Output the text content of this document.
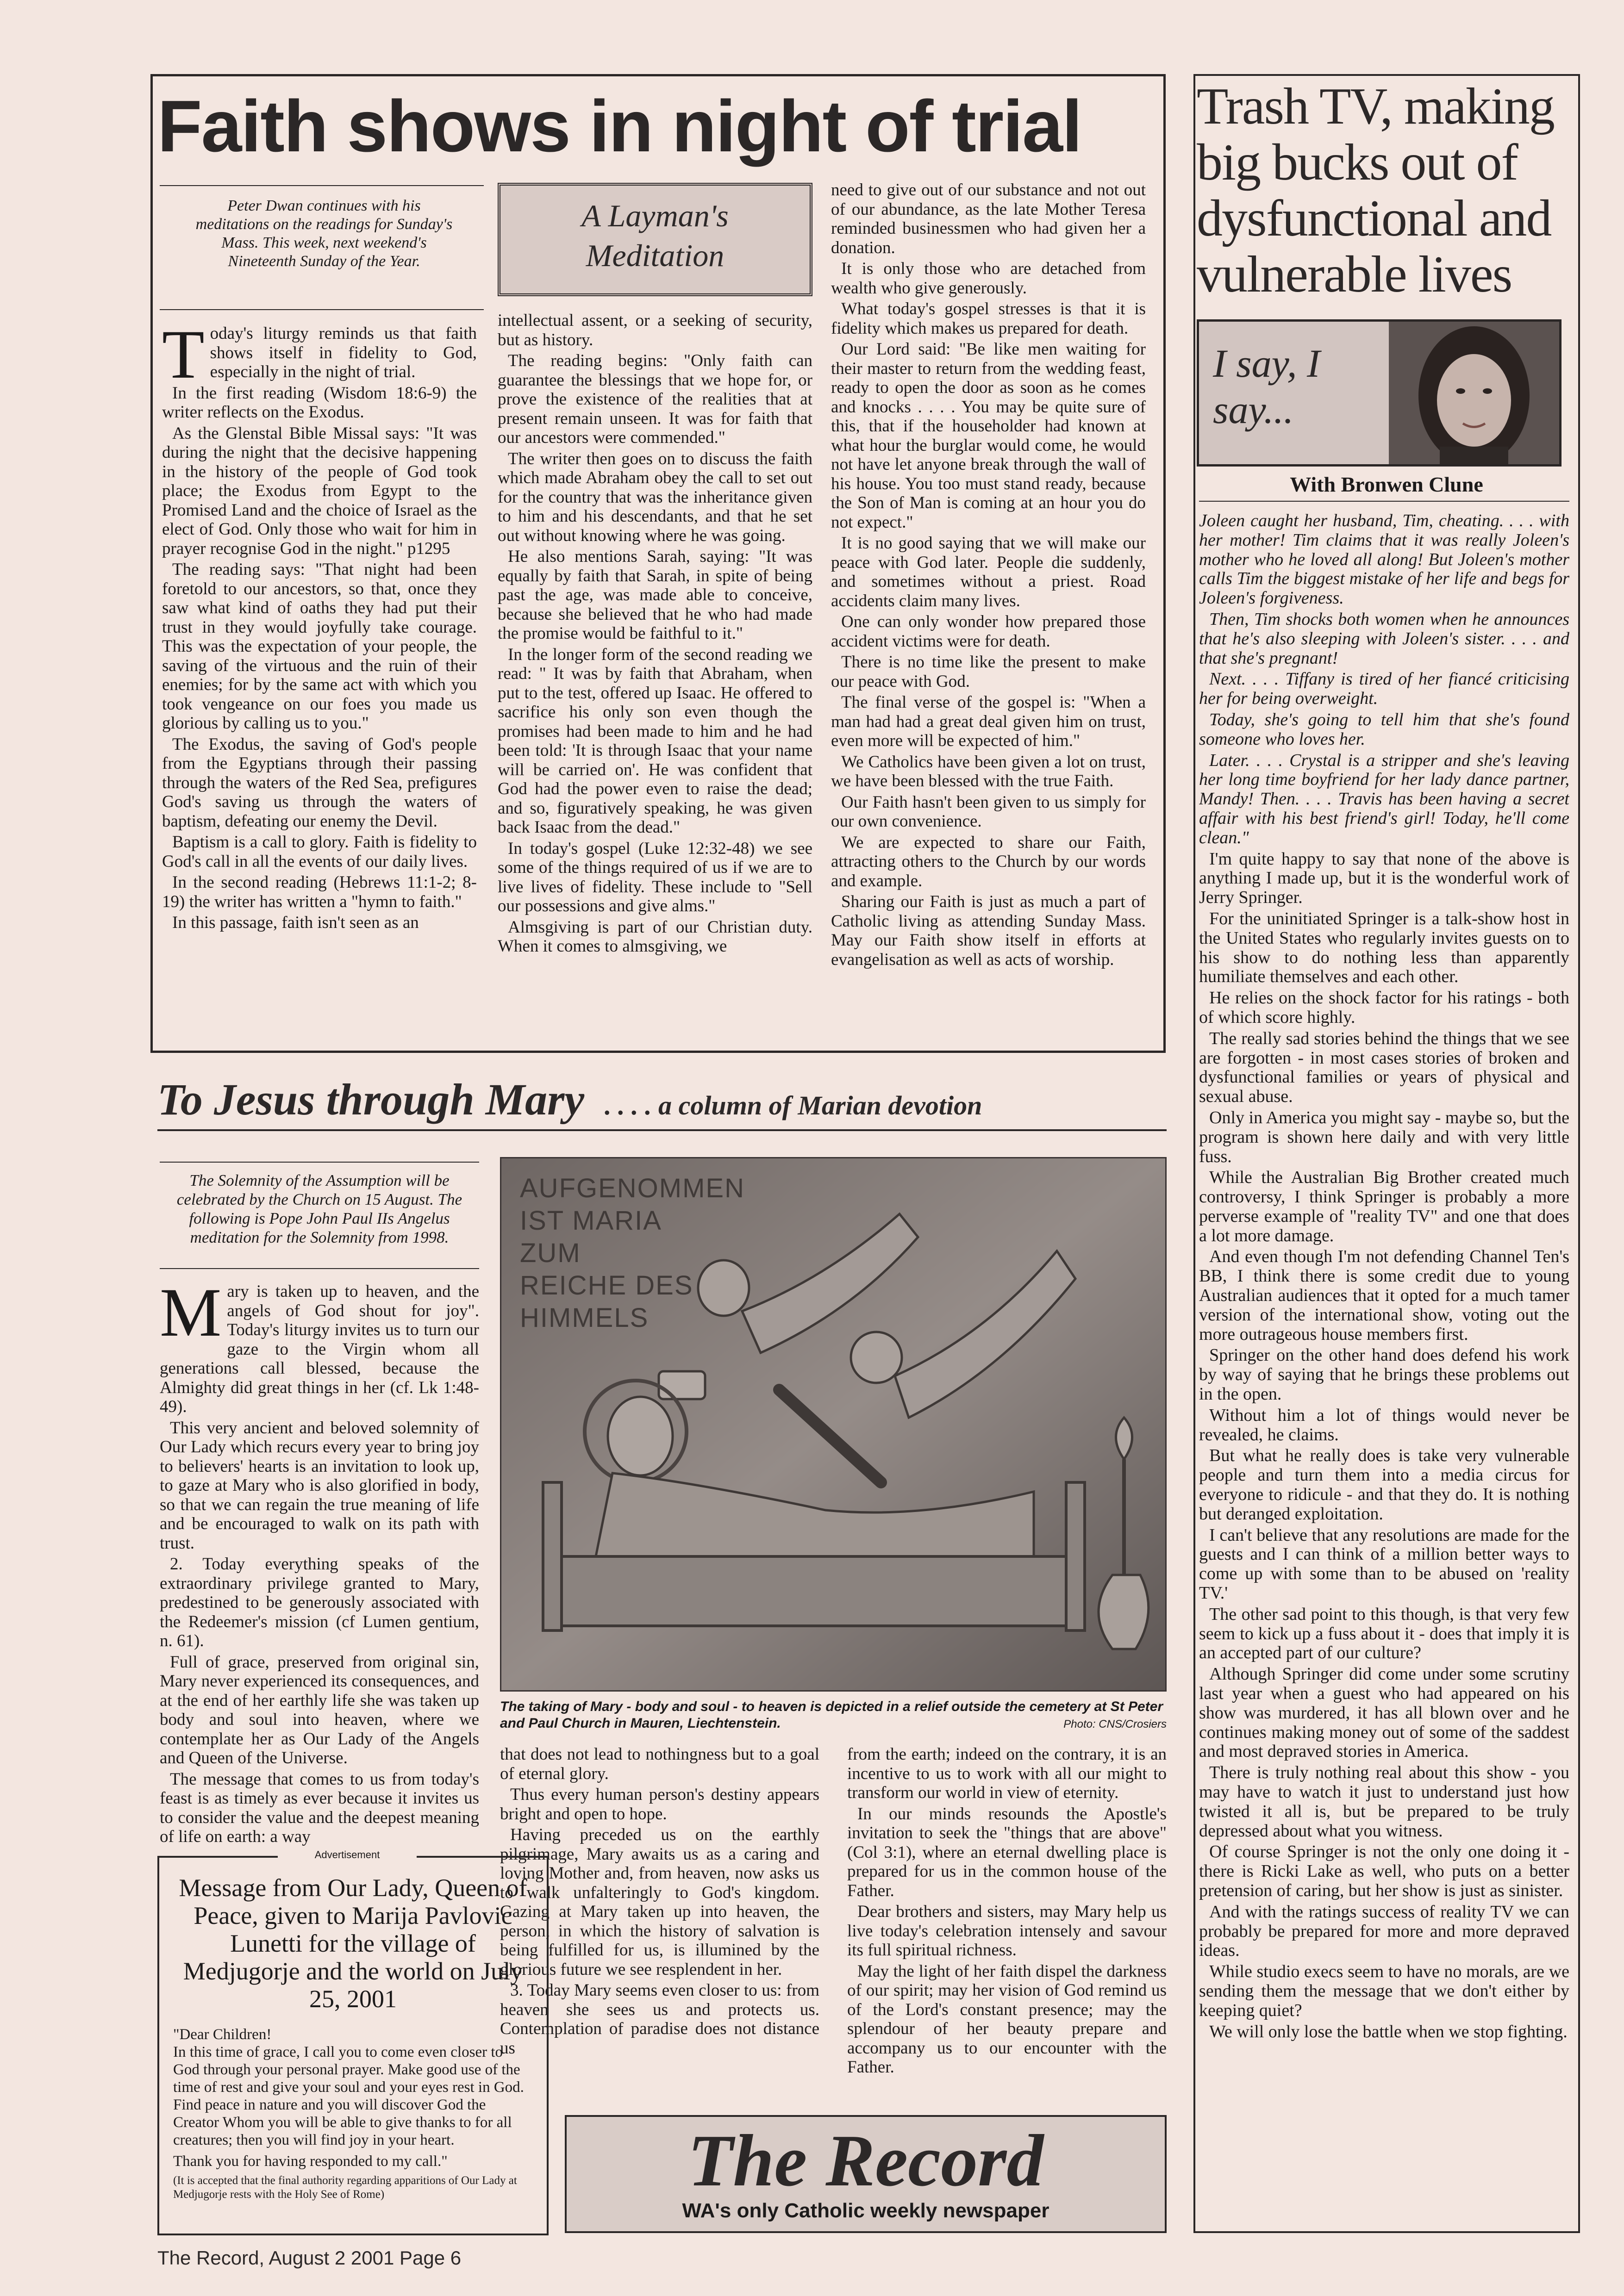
Faith shows in night of trial
Peter Dwan continues with his meditations on the readings for Sunday's Mass. This week, next weekend's Nineteenth Sunday of the Year.
A Layman's Meditation

Today's liturgy reminds us that faith shows itself in fidelity to God, especially in the night of trial.

In the first reading (Wisdom 18:6-9) the writer reflects on the Exodus.

As the Glenstal Bible Missal says: "It was during the night that the decisive happening in the history of the people of God took place; the Exodus from Egypt to the Promised Land and the choice of Israel as the elect of God. Only those who wait for him in prayer recognise God in the night." p1295

The reading says: "That night had been foretold to our ancestors, so that, once they saw what kind of oaths they had put their trust in they would joyfully take courage. This was the expectation of your people, the saving of the virtuous and the ruin of their enemies; for by the same act with which you took vengeance on our foes you made us glorious by calling us to you."

The Exodus, the saving of God's people from the Egyptians through their passing through the waters of the Red Sea, prefigures God's saving us through the waters of baptism, defeating our enemy the Devil.

Baptism is a call to glory. Faith is fidelity to God's call in all the events of our daily lives.

In the second reading (Hebrews 11:1-2; 8-19) the writer has written a "hymn to faith."

In this passage, faith isn't seen as an

intellectual assent, or a seeking of security, but as history.

The reading begins: "Only faith can guarantee the blessings that we hope for, or prove the existence of the realities that at present remain unseen. It was for faith that our ancestors were commended."

The writer then goes on to discuss the faith which made Abraham obey the call to set out for the country that was the inheritance given to him and his descendants, and that he set out without knowing where he was going.

He also mentions Sarah, saying: "It was equally by faith that Sarah, in spite of being past the age, was made able to conceive, because she believed that he who had made the promise would be faithful to it."

In the longer form of the second reading we read: " It was by faith that Abraham, when put to the test, offered up Isaac. He offered to sacrifice his only son even though the promises had been made to him and he had been told: 'It is through Isaac that your name will be carried on'. He was confident that God had the power even to raise the dead; and so, figuratively speaking, he was given back Isaac from the dead."

In today's gospel (Luke 12:32-48) we see some of the things required of us if we are to live lives of fidelity. These include to "Sell our possessions and give alms."

Almsgiving is part of our Christian duty. When it comes to almsgiving, we

need to give out of our substance and not out of our abundance, as the late Mother Teresa reminded businessmen who had given her a donation.

It is only those who are detached from wealth who give generously.

What today's gospel stresses is that it is fidelity which makes us prepared for death.

Our Lord said: "Be like men waiting for their master to return from the wedding feast, ready to open the door as soon as he comes and knocks . . . . You may be quite sure of this, that if the householder had known at what hour the burglar would come, he would not have let anyone break through the wall of his house. You too must stand ready, because the Son of Man is coming at an hour you do not expect."

It is no good saying that we will make our peace with God later. People die suddenly, and sometimes without a priest. Road accidents claim many lives.

One can only wonder how prepared those accident victims were for death.

There is no time like the present to make our peace with God.

The final verse of the gospel is: "When a man had had a great deal given him on trust, even more will be expected of him."

We Catholics have been given a lot on trust, we have been blessed with the true Faith.

Our Faith hasn't been given to us simply for our own convenience.

We are expected to share our Faith, attracting others to the Church by our words and example.

Sharing our Faith is just as much a part of Catholic living as attending Sunday Mass. May our Faith show itself in efforts at evangelisation as well as acts of worship.

To Jesus through Mary . . . . a column of Marian devotion
The Solemnity of the Assumption will be celebrated by the Church on 15 August. The following is Pope John Paul IIs Angelus meditation for the Solemnity from 1998.
AUFGENOMMEN IST MARIA ZUM REICHE DES HIMMELS
The taking of Mary - body and soul - to heaven is depicted in a relief outside the cemetery at St Peter and Paul Church in Mauren, Liechtenstein.	Photo: CNS/Crosiers

Mary is taken up to heaven, and the angels of God shout for joy". Today's liturgy invites us to turn our gaze to the Virgin whom all generations call blessed, because the Almighty did great things in her (cf. Lk 1:48-49).

This very ancient and beloved solemnity of Our Lady which recurs every year to bring joy to believers' hearts is an invitation to look up, to gaze at Mary who is also glorified in body, so that we can regain the true meaning of life and be encouraged to walk on its path with trust.

2. Today everything speaks of the extraordinary privilege granted to Mary, predestined to be generously associated with the Redeemer's mission (cf Lumen gentium, n. 61).

Full of grace, preserved from original sin, Mary never experienced its consequences, and at the end of her earthly life she was taken up body and soul into heaven, where we contemplate her as Our Lady of the Angels and Queen of the Universe.

The message that comes to us from today's feast is as timely as ever because it invites us to consider the value and the deepest meaning of life on earth: a way

that does not lead to nothingness but to a goal of eternal glory.

Thus every human person's destiny appears bright and open to hope.

Having preceded us on the earthly pilgrimage, Mary awaits us as a caring and loving Mother and, from heaven, now asks us to walk unfalteringly to God's kingdom. Gazing at Mary taken up into heaven, the person, in which the history of salvation is being fulfilled for us, is illumined by the glorious future we see resplendent in her.

3. Today Mary seems even closer to us: from heaven she sees us and protects us. Contemplation of paradise does not distance us

from the earth; indeed on the contrary, it is an incentive to us to work with all our might to transform our world in view of eternity.

In our minds resounds the Apostle's invitation to seek the "things that are above" (Col 3:1), where an eternal dwelling place is prepared for us in the common house of the Father.

Dear brothers and sisters, may Mary help us live today's celebration intensely and savour its full spiritual richness.

May the light of her faith dispel the darkness of our spirit; may her vision of God remind us of the Lord's constant presence; may the splendour of her beauty prepare and accompany us to our encounter with the Father.

Advertisement
Message from Our Lady, Queen of Peace, given to Marija Pavlovic Lunetti for the village of Medjugorje and the world on July 25, 2001
"Dear Children!
In this time of grace, I call you to come even closer to God through your personal prayer. Make good use of the time of rest and give your soul and your eyes rest in God. Find peace in nature and you will discover God the Creator Whom you will be able to give thanks to for all creatures; then you will find joy in your heart.
Thank you for having responded to my call."
(It is accepted that the final authority regarding apparitions of Our Lady at Medjugorje rests with the Holy See of Rome)	The Record
WA's only Catholic weekly newspaper
Trash TV, making big bucks out of dysfunctional and vulnerable lives
I say, I say...
With Bronwen Clune

Joleen caught her husband, Tim, cheating. . . . with her mother! Tim claims that it was really Joleen's mother who he loved all along! But Joleen's mother calls Tim the biggest mistake of her life and begs for Joleen's forgiveness.

Then, Tim shocks both women when he announces that he's also sleeping with Joleen's sister. . . . and that she's pregnant!

Next. . . . Tiffany is tired of her fiancé criticising her for being overweight.

Today, she's going to tell him that she's found someone who loves her.

Later. . . . Crystal is a stripper and she's leaving her long time boyfriend for her lady dance partner, Mandy! Then. . . . Travis has been having a secret affair with his best friend's girl! Today, he'll come clean."

I'm quite happy to say that none of the above is anything I made up, but it is the wonderful work of Jerry Springer.

For the uninitiated Springer is a talk-show host in the United States who regularly invites guests on to his show to do nothing less than apparently humiliate themselves and each other.

He relies on the shock factor for his ratings - both of which score highly.

The really sad stories behind the things that we see are forgotten - in most cases stories of broken and dysfunctional families or years of physical and sexual abuse.

Only in America you might say - maybe so, but the program is shown here daily and with very little fuss.

While the Australian Big Brother created much controversy, I think Springer is probably a more perverse example of "reality TV" and one that does a lot more damage.

And even though I'm not defending Channel Ten's BB, I think there is some credit due to young Australian audiences that it opted for a much tamer version of the international show, voting out the more outrageous house members first.

Springer on the other hand does defend his work by way of saying that he brings these problems out in the open.

Without him a lot of things would never be revealed, he claims.

But what he really does is take very vulnerable people and turn them into a media circus for everyone to ridicule - and that they do. It is nothing but deranged exploitation.

I can't believe that any resolutions are made for the guests and I can think of a million better ways to come up with some than to be abused on 'reality TV.'

The other sad point to this though, is that very few seem to kick up a fuss about it - does that imply it is an accepted part of our culture?

Although Springer did come under some scrutiny last year when a guest who had appeared on his show was murdered, it has all blown over and he continues making money out of some of the saddest and most depraved stories in America.

There is truly nothing real about this show - you may have to watch it just to understand just how twisted it all is, but be prepared to be truly depressed about what you witness.

Of course Springer is not the only one doing it - there is Ricki Lake as well, who puts on a better pretension of caring, but her show is just as sinister.

And with the ratings success of reality TV we can probably be prepared for more and more depraved ideas.

While studio execs seem to have no morals, are we sending them the message that we don't either by keeping quiet?

We will only lose the battle when we stop fighting.

The Record, August 2 2001 Page 6
